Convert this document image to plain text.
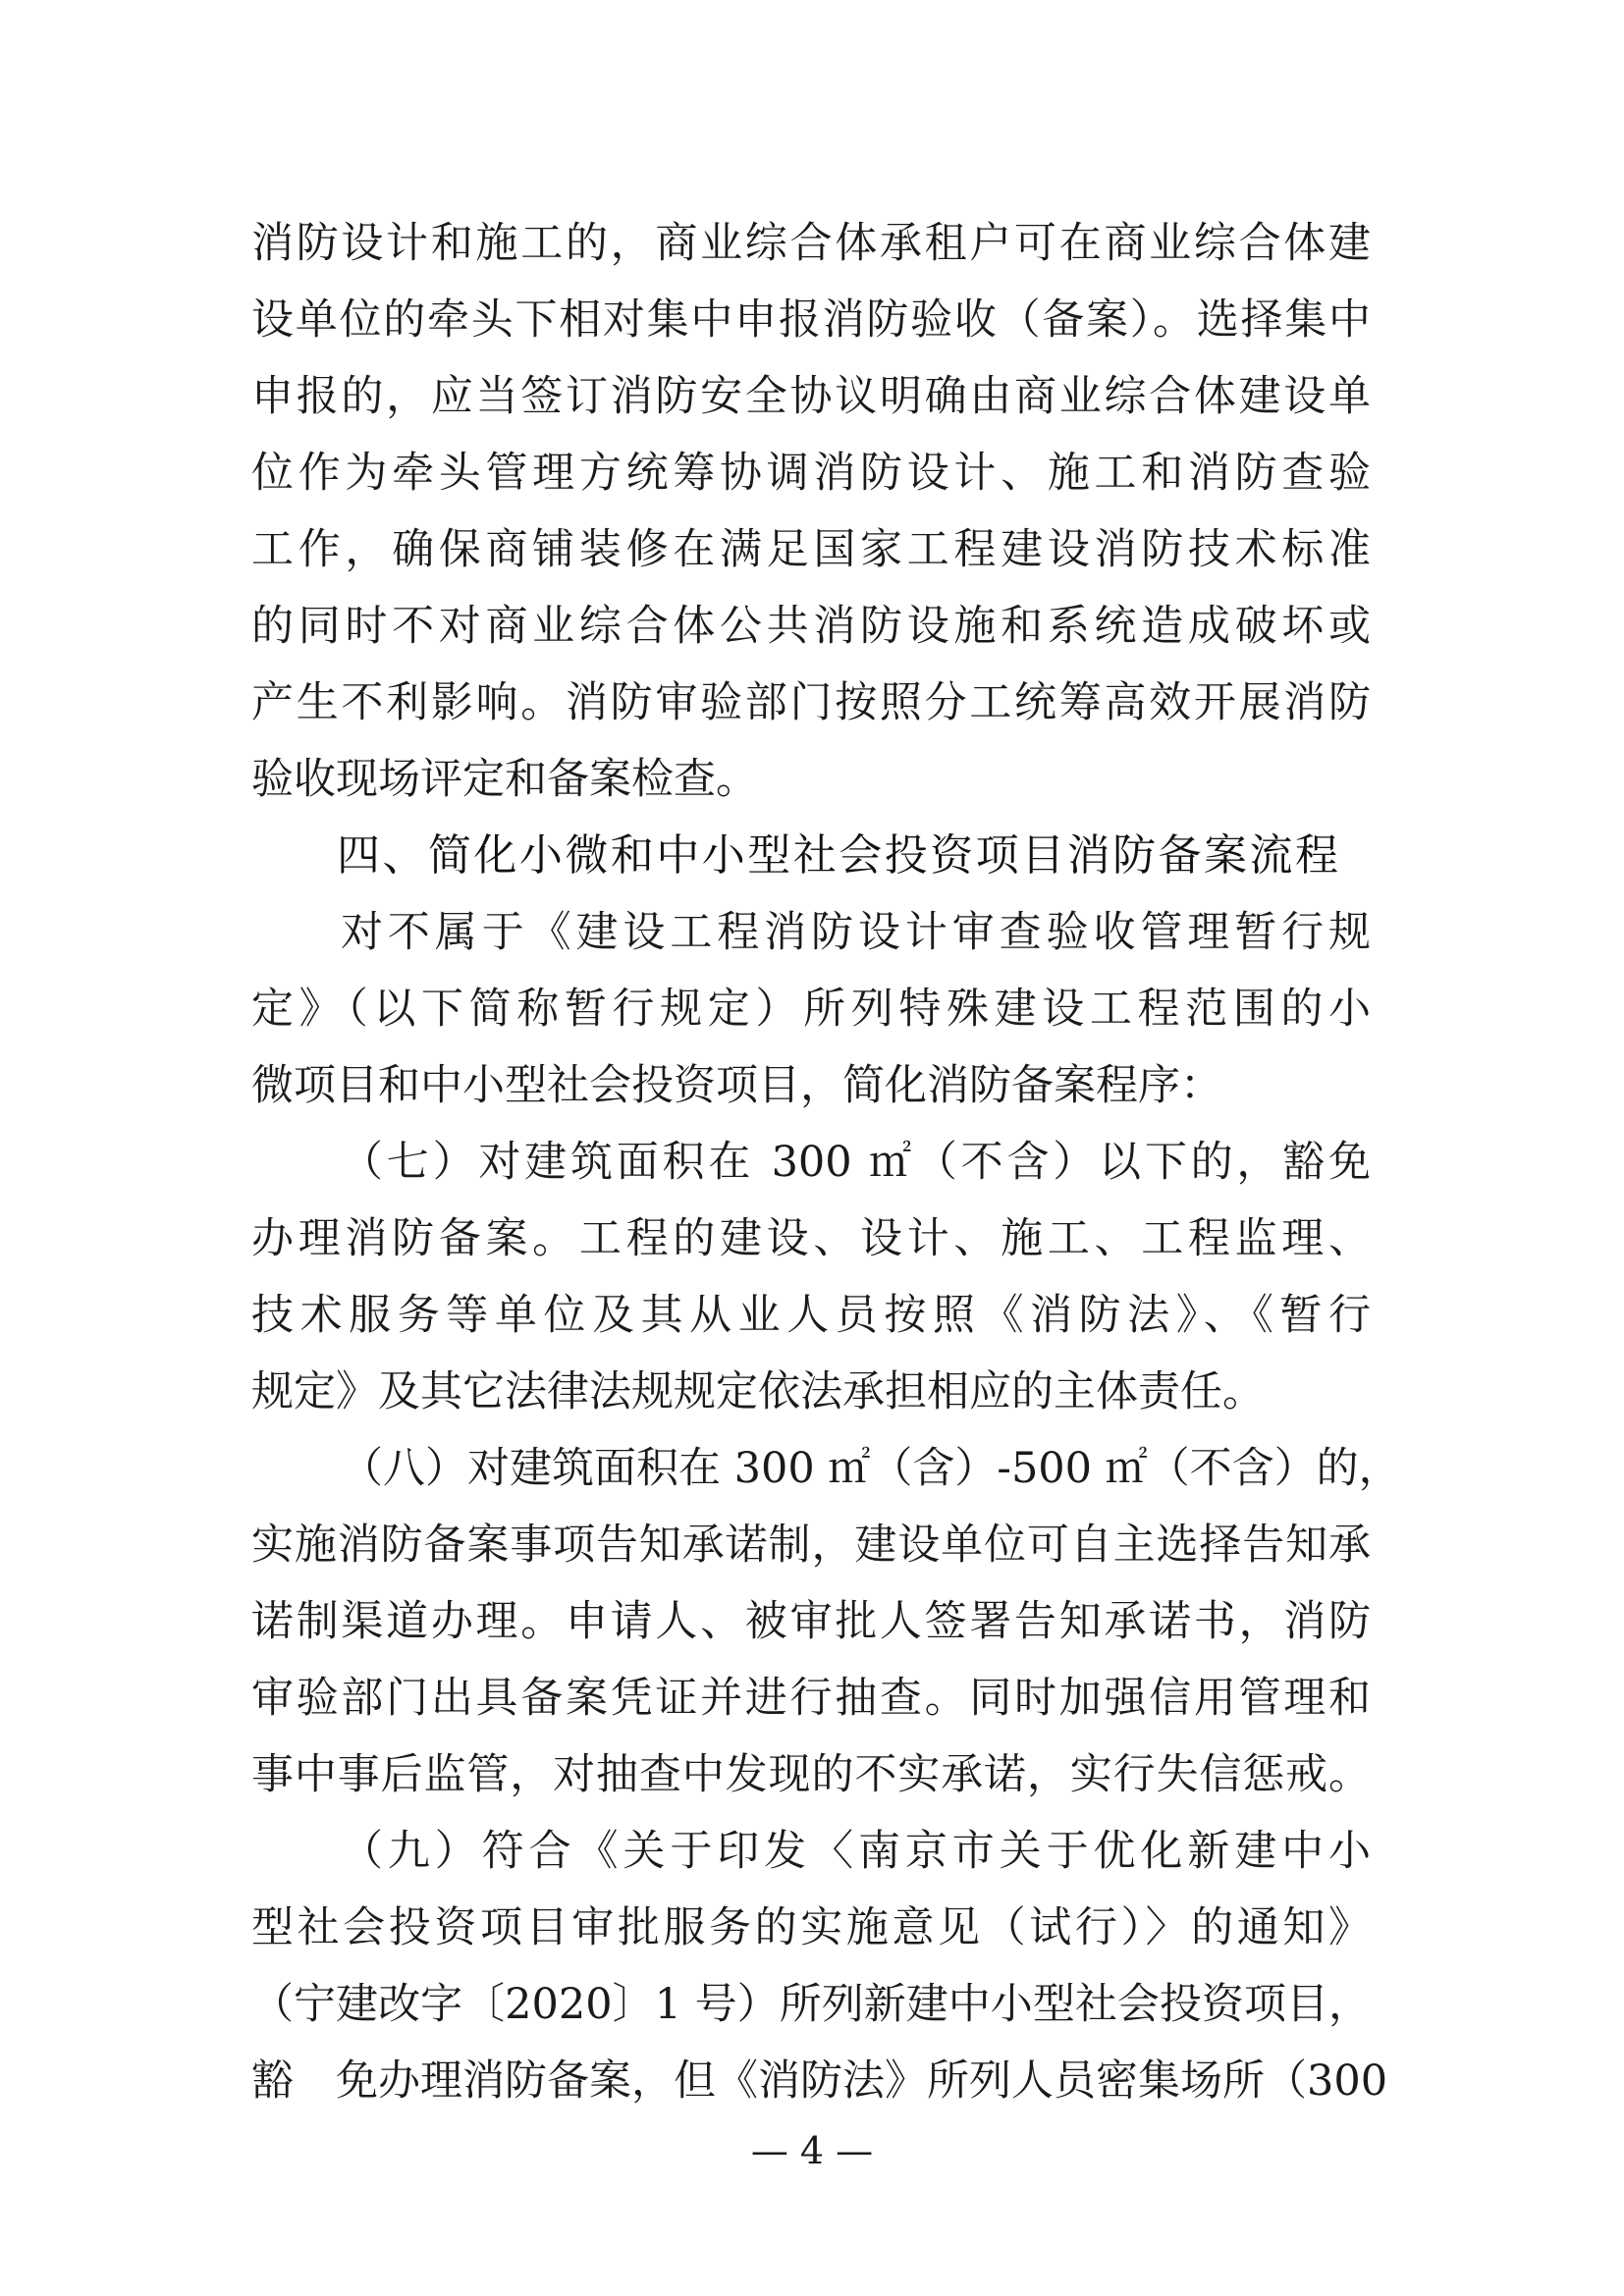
消防设计和施工的，商业综合体承租户可在商业综合体建
设单位的牵头下相对集中申报消防验收（备案）。选择集中
申报的，应当签订消防安全协议明确由商业综合体建设单
位作为牵头管理方统筹协调消防设计、施工和消防查验
工作，确保商铺装修在满足国家工程建设消防技术标准
的同时不对商业综合体公共消防设施和系统造成破坏或
产生不利影响。消防审验部门按照分工统筹高效开展消防
验收现场评定和备案检查。
四、简化小微和中小型社会投资项目消防备案流程
对不属于《建设工程消防设计审查验收管理暂行规
定》（以下简称暂行规定）所列特殊建设工程范围的小
微项目和中小型社会投资项目，简化消防备案程序：
（七）对建筑面积在 300 ㎡（不含）以下的，豁免
办理消防备案。工程的建设、设计、施工、工程监理、
技术服务等单位及其从业人员按照《消防法》、《暂行
规定》及其它法律法规规定依法承担相应的主体责任。
（八）对建筑面积在 300 ㎡（含）-500 ㎡（不含）的，
实施消防备案事项告知承诺制，建设单位可自主选择告知承
诺制渠道办理。申请人、被审批人签署告知承诺书，消防
审验部门出具备案凭证并进行抽查。同时加强信用管理和
事中事后监管，对抽查中发现的不实承诺，实行失信惩戒。
（九）符合《关于印发〈南京市关于优化新建中小
型社会投资项目审批服务的实施意见（试行）〉的通知》
（宁建改字〔2020〕1 号）所列新建中小型社会投资项目，
豁　免办理消防备案，但《消防法》所列人员密集场所（300
— 4 —
